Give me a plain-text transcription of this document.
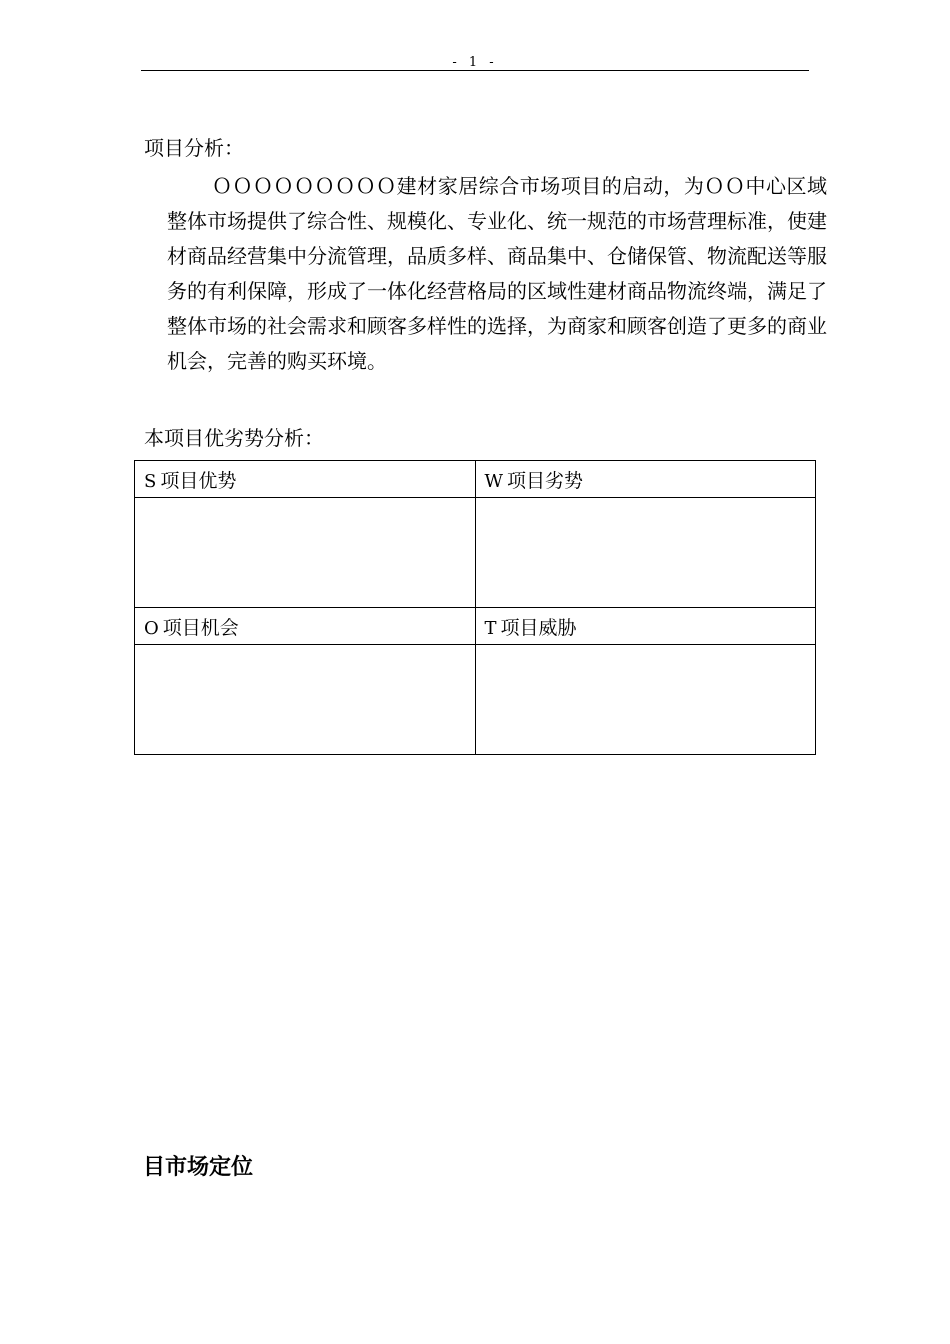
- 1 -
项目分析：
ＯＯＯＯＯＯＯＯＯ建材家居综合市场项目的启动，为ＯＯ中心区域整体市场提供了综合性、规模化、专业化、统一规范的市场营理标准，使建材商品经营集中分流管理，品质多样、商品集中、仓储保管、物流配送等服务的有利保障，形成了一体化经营格局的区域性建材商品物流终端，满足了整体市场的社会需求和顾客多样性的选择，为商家和顾客创造了更多的商业机会，完善的购买环境。
本项目优劣势分析：
S 项目优势	W 项目劣势

O 项目机会	T 项目威胁

目市场定位
